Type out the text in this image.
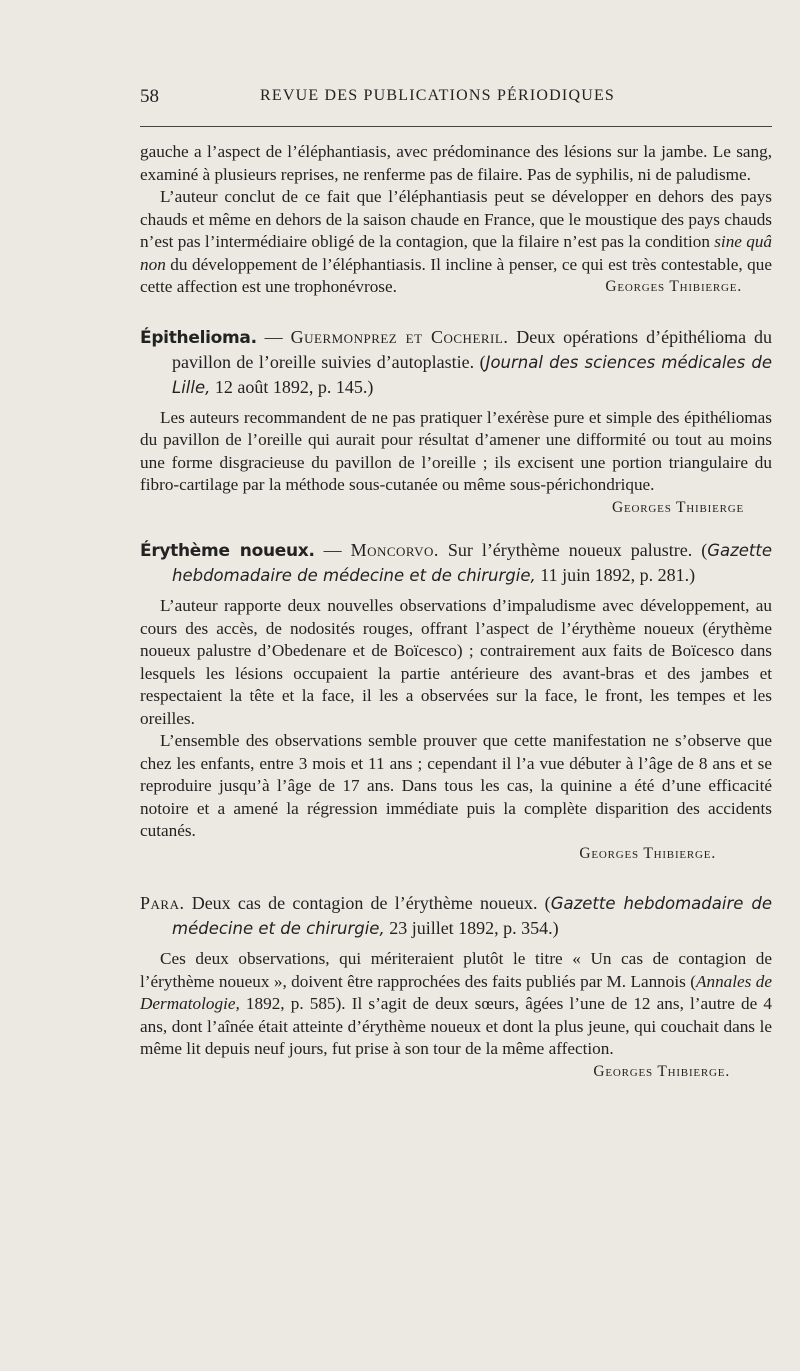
58	REVUE DES PUBLICATIONS PÉRIODIQUES

gauche a l’aspect de l’éléphantiasis, avec prédominance des lésions sur la jambe. Le sang, examiné à plusieurs reprises, ne renferme pas de filaire. Pas de syphilis, ni de paludisme.

L’auteur conclut de ce fait que l’éléphantiasis peut se développer en dehors des pays chauds et même en dehors de la saison chaude en France, que le moustique des pays chauds n’est pas l’intermédiaire obligé de la contagion, que la filaire n’est pas la condition sine quâ non du développement de l’éléphantiasis. Il incline à penser, ce qui est très contestable, que cette affection est une trophonévrose.	Georges Thibierge.

Épithelioma. — Guermonprez et Cocheril. Deux opérations d’épithélioma du pavillon de l’oreille suivies d’autoplastie. (Journal des sciences médicales de Lille, 12 août 1892, p. 145.)

Les auteurs recommandent de ne pas pratiquer l’exérèse pure et simple des épithéliomas du pavillon de l’oreille qui aurait pour résultat d’amener une difformité ou tout au moins une forme disgracieuse du pavillon de l’oreille ; ils excisent une portion triangulaire du fibro-cartilage par la méthode sous-cutanée ou même sous-périchondrique.

Georges Thibierge

Érythème noueux. — Moncorvo. Sur l’érythème noueux palustre. (Gazette hebdomadaire de médecine et de chirurgie, 11 juin 1892, p. 281.)

L’auteur rapporte deux nouvelles observations d’impaludisme avec développement, au cours des accès, de nodosités rouges, offrant l’aspect de l’érythème noueux (érythème noueux palustre d’Obedenare et de Boïcesco) ; contrairement aux faits de Boïcesco dans lesquels les lésions occupaient la partie antérieure des avant-bras et des jambes et respectaient la tête et la face, il les a observées sur la face, le front, les tempes et les oreilles.

L’ensemble des observations semble prouver que cette manifestation ne s’observe que chez les enfants, entre 3 mois et 11 ans ; cependant il l’a vue débuter à l’âge de 8 ans et se reproduire jusqu’à l’âge de 17 ans. Dans tous les cas, la quinine a été d’une efficacité notoire et a amené la régression immédiate puis la complète disparition des accidents cutanés.

Georges Thibierge.

Para. Deux cas de contagion de l’érythème noueux. (Gazette hebdomadaire de médecine et de chirurgie, 23 juillet 1892, p. 354.)

Ces deux observations, qui mériteraient plutôt le titre « Un cas de contagion de l’érythème noueux », doivent être rapprochées des faits publiés par M. Lannois (Annales de Dermatologie, 1892, p. 585). Il s’agit de deux sœurs, âgées l’une de 12 ans, l’autre de 4 ans, dont l’aînée était atteinte d’érythème noueux et dont la plus jeune, qui couchait dans le même lit depuis neuf jours, fut prise à son tour de la même affection.

Georges Thibierge.
